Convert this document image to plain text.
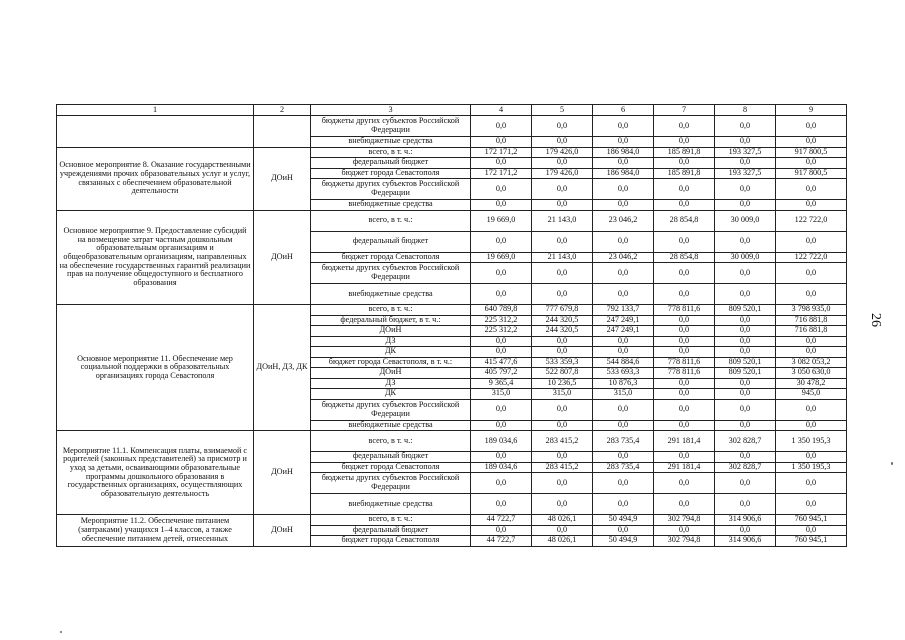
1	2	3	4	5	6	7	8	9
		бюджеты других субъектов Российской Федерации	0,0	0,0	0,0	0,0	0,0	0,0
		внебюджетные средства	0,0	0,0	0,0	0,0	0,0	0,0
Основное мероприятие 8. Оказание государственными учреждениями прочих образовательных услуг и услуг, связанных с обеспечением образовательной деятельности	ДОиН	всего, в т. ч.:	172 171,2	179 426,0	186 984,0	185 891,8	193 327,5	917 800,5
		федеральный бюджет	0,0	0,0	0,0	0,0	0,0	0,0
		бюджет города Севастополя	172 171,2	179 426,0	186 984,0	185 891,8	193 327,5	917 800,5
		бюджеты других субъектов Российской Федерации	0,0	0,0	0,0	0,0	0,0	0,0
		внебюджетные средства	0,0	0,0	0,0	0,0	0,0	0,0
Основное мероприятие 9. Предоставление субсидий на возмещение затрат частным дошкольным образовательным организациям и общеобразовательным организациям, направленных на обеспечение государственных гарантий реализации прав на получение общедоступного и бесплатного образования	ДОиН	всего, в т. ч.:	19 669,0	21 143,0	23 046,2	28 854,8	30 009,0	122 722,0
		федеральный бюджет	0,0	0,0	0,0	0,0	0,0	0,0
		бюджет города Севастополя	19 669,0	21 143,0	23 046,2	28 854,8	30 009,0	122 722,0
		бюджеты других субъектов Российской Федерации	0,0	0,0	0,0	0,0	0,0	0,0
		внебюджетные средства	0,0	0,0	0,0	0,0	0,0	0,0
Основное мероприятие 11. Обеспечение мер социальной поддержки в образовательных организациях города Севастополя	ДОиН, ДЗ, ДК	всего, в т. ч.:	640 789,8	777 679,8	792 133,7	778 811,6	809 520,1	3 798 935,0
		федеральный бюджет, в т. ч.:	225 312,2	244 320,5	247 249,1	0,0	0,0	716 881,8
		ДОиН	225 312,2	244 320,5	247 249,1	0,0	0,0	716 881,8
		ДЗ	0,0	0,0	0,0	0,0	0,0	0,0
		ДК	0,0	0,0	0,0	0,0	0,0	0,0
		бюджет города Севастополя, в т. ч.:	415 477,6	533 359,3	544 884,6	778 811,6	809 520,1	3 082 053,2
		ДОиН	405 797,2	522 807,8	533 693,3	778 811,6	809 520,1	3 050 630,0
		ДЗ	9 365,4	10 236,5	10 876,3	0,0	0,0	30 478,2
		ДК	315,0	315,0	315,0	0,0	0,0	945,0
		бюджеты других субъектов Российской Федерации	0,0	0,0	0,0	0,0	0,0	0,0
		внебюджетные средства	0,0	0,0	0,0	0,0	0,0	0,0
Мероприятие 11.1. Компенсация платы, взимаемой с родителей (законных представителей) за присмотр и уход за детьми, осваивающими образовательные программы дошкольного образования в государственных организациях, осуществляющих образовательную деятельность	ДОиН	всего, в т. ч.:	189 034,6	283 415,2	283 735,4	291 181,4	302 828,7	1 350 195,3
		федеральный бюджет	0,0	0,0	0,0	0,0	0,0	0,0
		бюджет города Севастополя	189 034,6	283 415,2	283 735,4	291 181,4	302 828,7	1 350 195,3
		бюджеты других субъектов Российской Федерации	0,0	0,0	0,0	0,0	0,0	0,0
		внебюджетные средства	0,0	0,0	0,0	0,0	0,0	0,0
Мероприятие 11.2. Обеспечение питанием (завтраками) учащихся 1–4 классов, а также обеспечение питанием детей, отнесенных	ДОиН	всего, в т. ч.:	44 722,7	48 026,1	50 494,9	302 794,8	314 906,6	760 945,1
		федеральный бюджет	0,0	0,0	0,0	0,0	0,0	0,0
		бюджет города Севастополя	44 722,7	48 026,1	50 494,9	302 794,8	314 906,6	760 945,1
26
